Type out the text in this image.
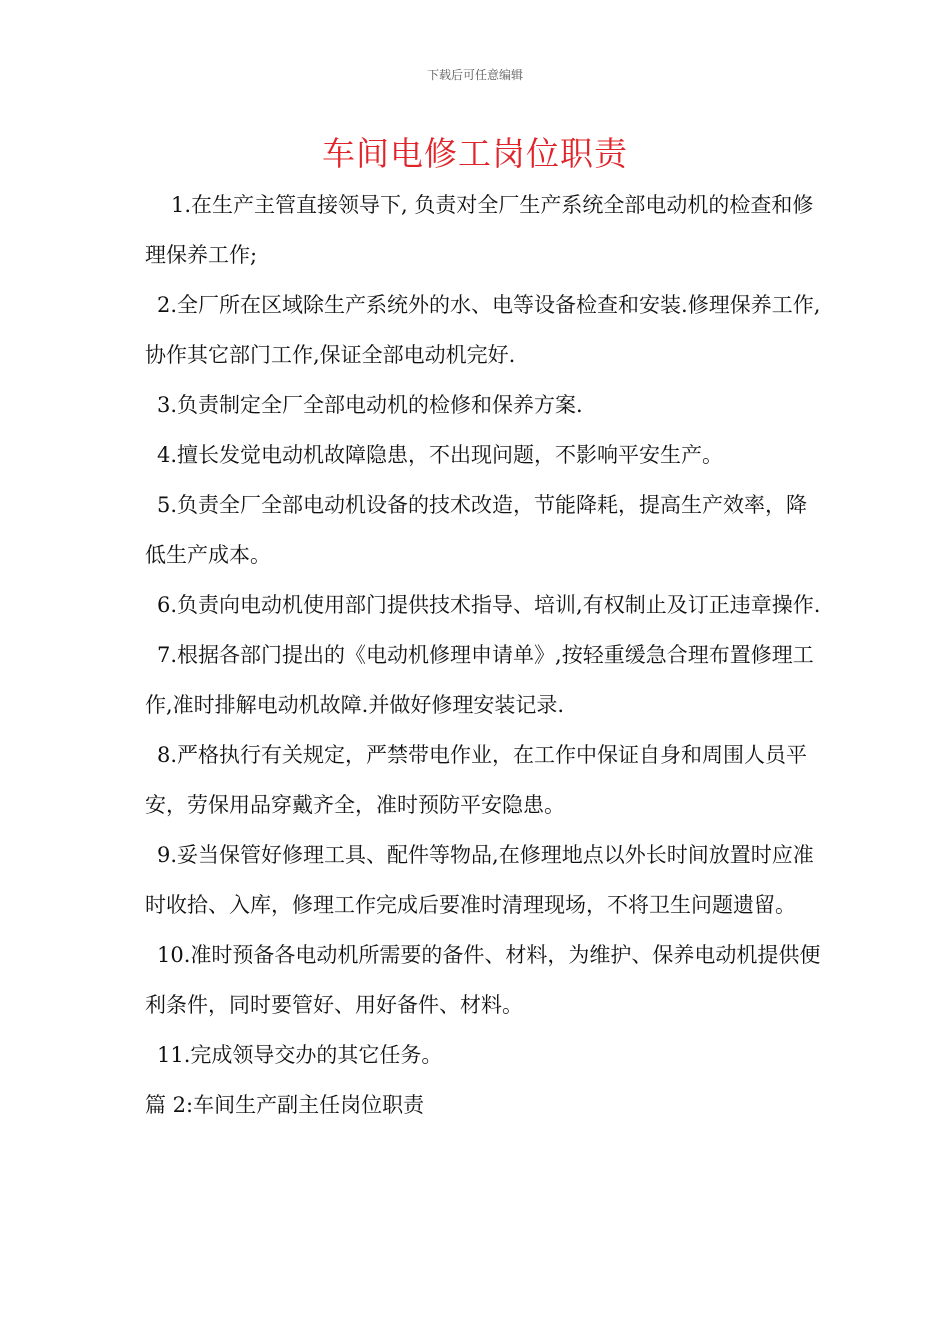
下载后可任意编辑
车间电修工岗位职责

1.在生产主管直接领导下, 负责对全厂生产系统全部电动机的检查和修理保养工作;

2.全厂所在区域除生产系统外的水、电等设备检查和安装.修理保养工作,协作其它部门工作,保证全部电动机完好.

3.负责制定全厂全部电动机的检修和保养方案.

4.擅长发觉电动机故障隐患，不出现问题，不影响平安生产。

5.负责全厂全部电动机设备的技术改造，节能降耗，提高生产效率，降低生产成本。

6.负责向电动机使用部门提供技术指导、培训,有权制止及订正违章操作.

7.根据各部门提出的《电动机修理申请单》,按轻重缓急合理布置修理工作,准时排解电动机故障.并做好修理安装记录.

8.严格执行有关规定，严禁带电作业，在工作中保证自身和周围人员平安，劳保用品穿戴齐全，准时预防平安隐患。

9.妥当保管好修理工具、配件等物品,在修理地点以外长时间放置时应准时收拾、入库，修理工作完成后要准时清理现场，不将卫生问题遗留。

10.准时预备各电动机所需要的备件、材料，为维护、保养电动机提供便利条件，同时要管好、用好备件、材料。

11.完成领导交办的其它任务。

篇 2:车间生产副主任岗位职责
